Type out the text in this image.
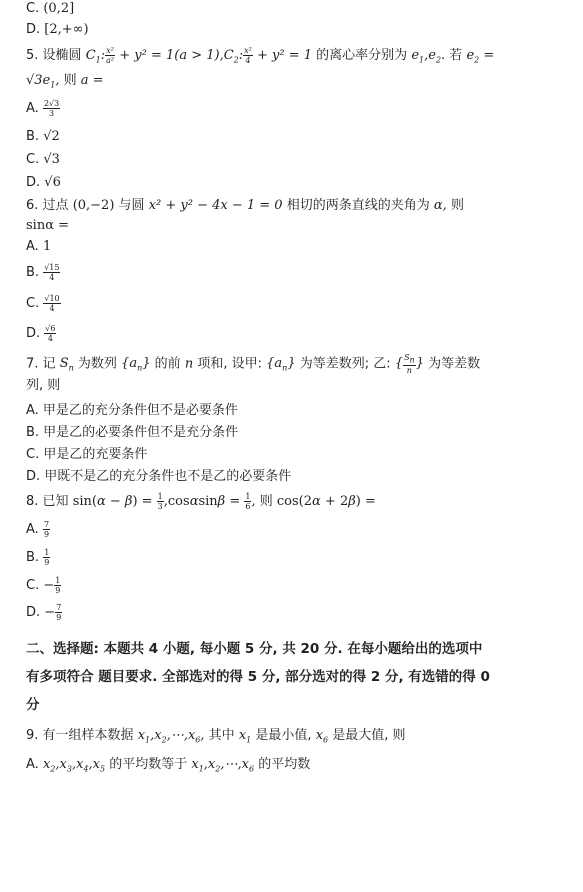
C. (0,2]
D. [2,+∞)
5. 设椭圆 $C_1$: $\frac{\text{x²}}{\text{a²}} + y^2 = 1(a > 1),C_2$: $\frac{\text{x²}}{4} + y^2 = 1$ 的离心率分别为 $e_1,e_2$. 若 $e_2$ =
$√3e_1$, 则 a =
A. $\frac{2√3}{3}$
B. √2
C. √3
D. √6
6. 过点 (0,−2) 与圆 x² + y² − 4x − 1 = 0 相切的两条直线的夹角为 α, 则
sinα =
A. 1
B. $\frac{√15}{4}$
C. $\frac{√10}{4}$
D. $\frac{√6}{4}$
7. 记 $S_n$ 为数列 $\{a_n\}$ 的前 n 项和, 设甲: $\{a_n\}$ 为等差数列; 乙: { $\frac{S_n}{n}$ } 为等差数
列, 则
A. 甲是乙的充分条件但不是必要条件
B. 甲是乙的必要条件但不是充分条件
C. 甲是乙的充要条件
D. 甲既不是乙的充分条件也不是乙的必要条件
8. 已知 $\sin(\alpha - \beta) = \frac{1}{3} ,\cos\alpha\sin\beta = \frac{1}{6}$ , 则 cos(2α + 2β) =
A. $\frac{7}{9}$
B. $\frac{1}{9}$
C. − $\frac{1}{9}$
D. − $\frac{7}{9}$
二、选择题: 本题共 4 小题, 每小题 5 分, 共 20 分. 在每小题给出的选项中
有多项符合 题目要求. 全部选对的得 5 分, 部分选对的得 2 分, 有选错的得 0
分
9. 有一组样本数据 $x_1,x_2,\cdots,x_6$, 其中 $x_1$ 是最小值, $x_6$ 是最大值, 则
A. $x_2,x_3,x_4,x_5$ 的平均数等于 $x_1,x_2,\cdots,x_6$ 的平均数
